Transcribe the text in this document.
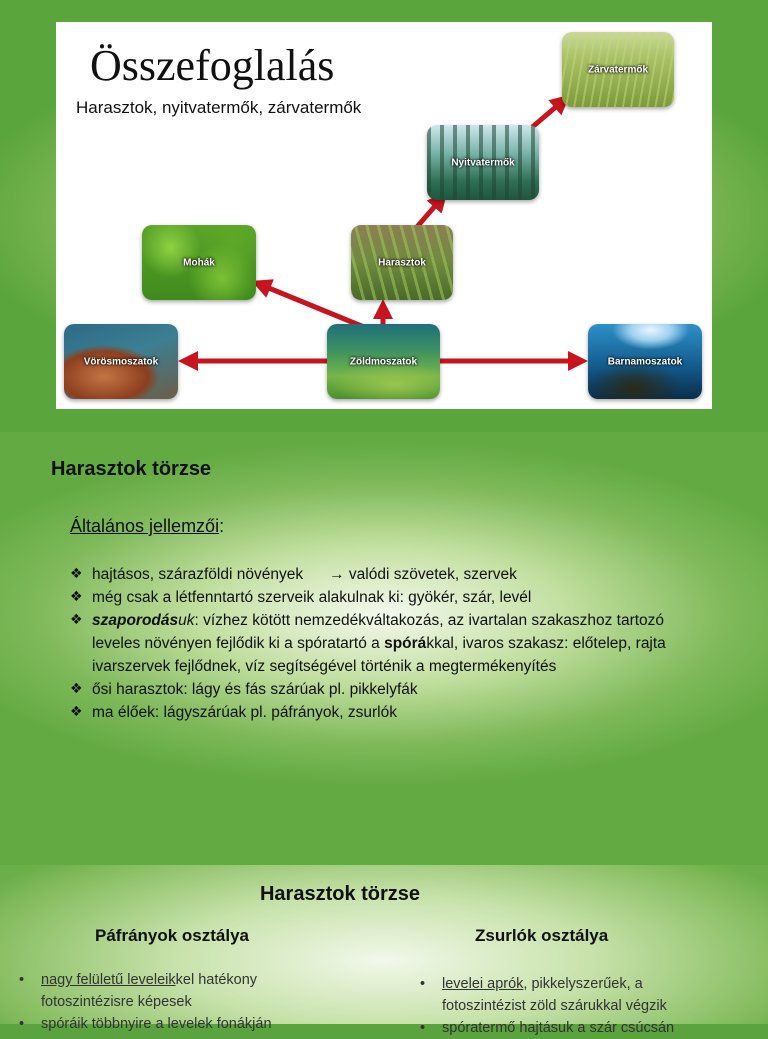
Összefoglalás
Harasztok, nyitvatermők, zárvatermők
Vörösmoszatok	Zöldmoszatok	Barnamoszatok
Mohák	Harasztok
Nyitvatermők
Zárvatermők
Harasztok törzse
Általános jellemzői:
❖ hajtásos, szárazföldi növények → valódi szövetek, szervek
❖ még csak a létfenntartó szerveik alakulnak ki: gyökér, szár, levél
❖ szaporodásuk: vízhez kötött nemzedékváltakozás, az ivartalan szakaszhoz tartozó leveles növényen fejlődik ki a spóratartó a spórákkal, ivaros szakasz: előtelep, rajta ivarszervek fejlődnek, víz segítségével történik a megtermékenyítés
❖ ősi harasztok: lágy és fás szárúak pl. pikkelyfák
❖ ma élőek: lágyszárúak pl. páfrányok, zsurlók
Harasztok törzse
Páfrányok osztálya	Zsurlók osztálya
• nagy felületű leveleikkel hatékony fotoszintézisre képesek
• spóráik többnyire a levelek fonákján
• levelei aprók, pikkelyszerűek, a fotoszintézist zöld szárukkal végzik
• spóratermő hajtásuk a szár csúcsán
